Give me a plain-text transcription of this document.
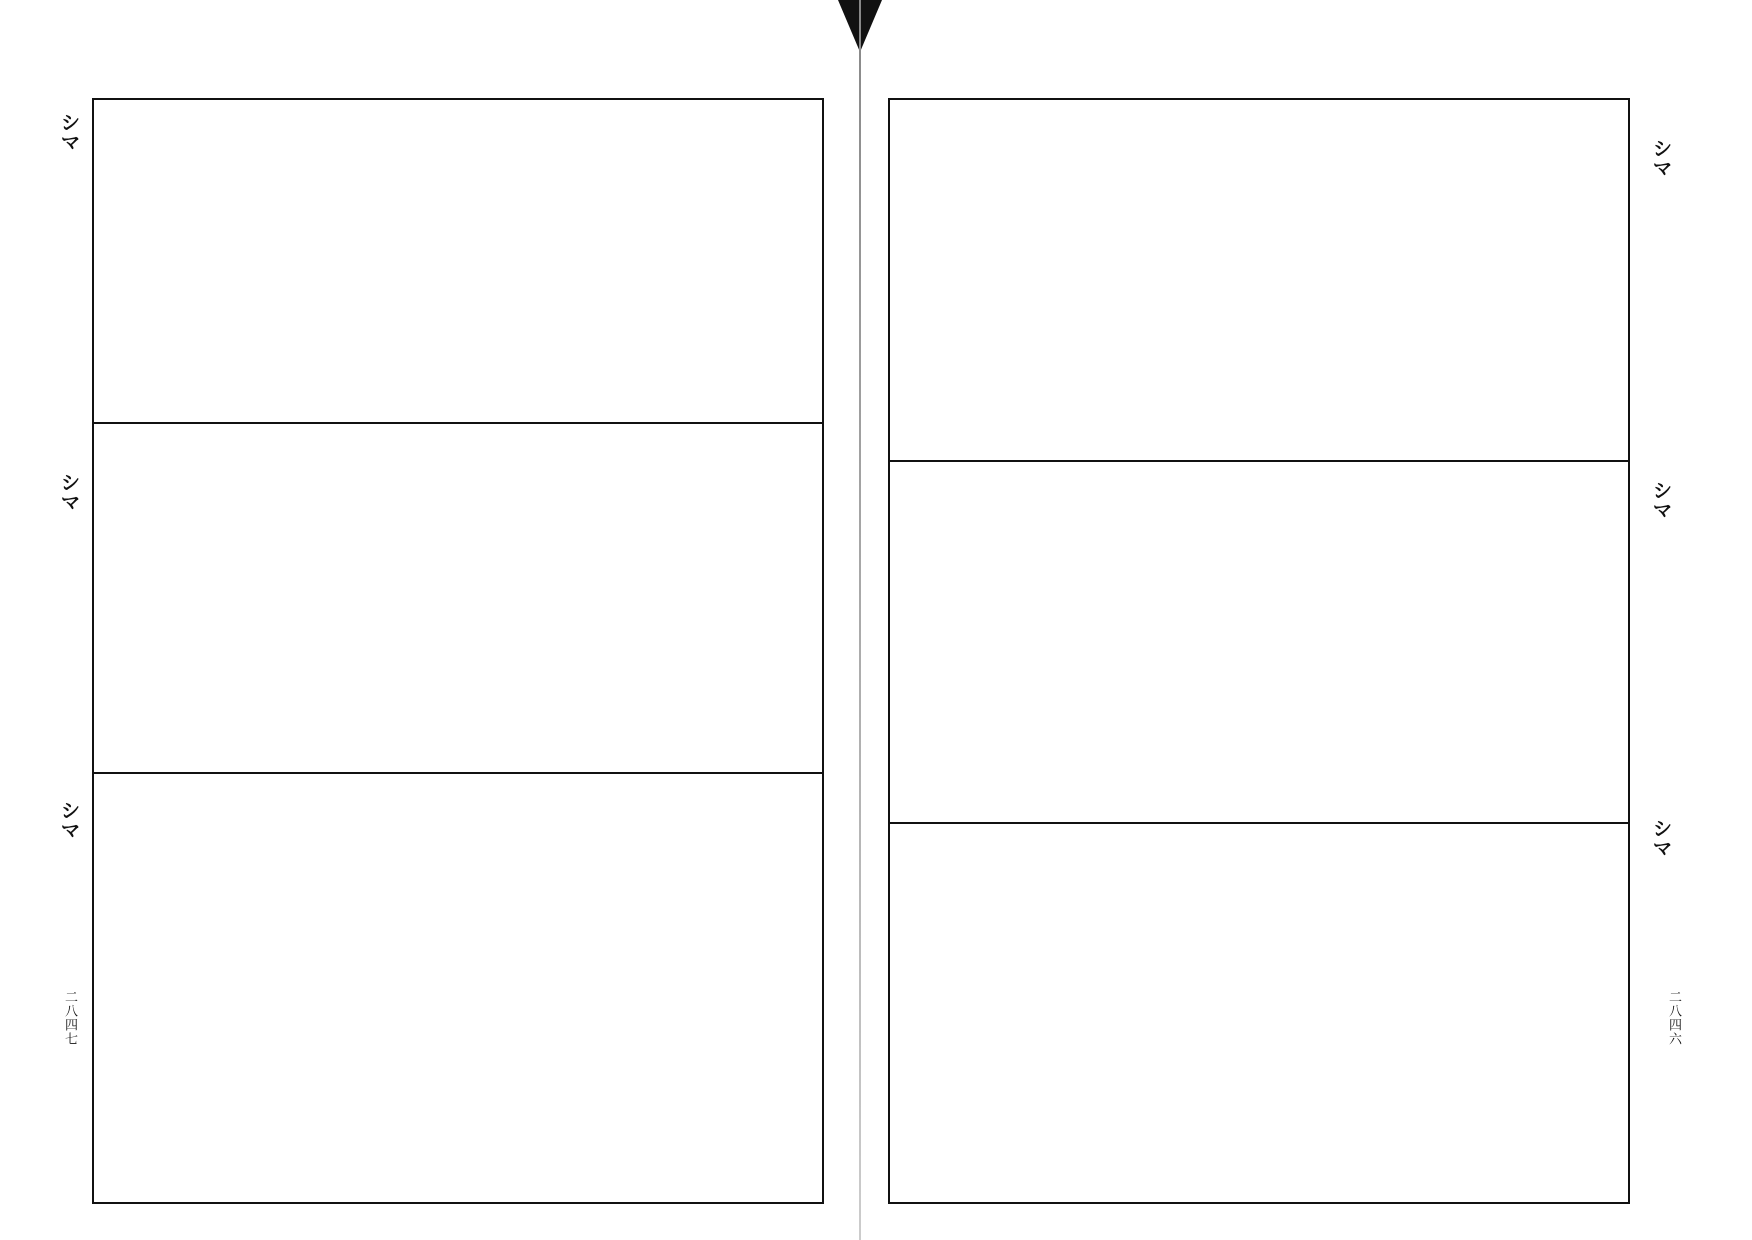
シマ
シマ
シマ
二八四七
シマ
シマ
シマ
二八四六
